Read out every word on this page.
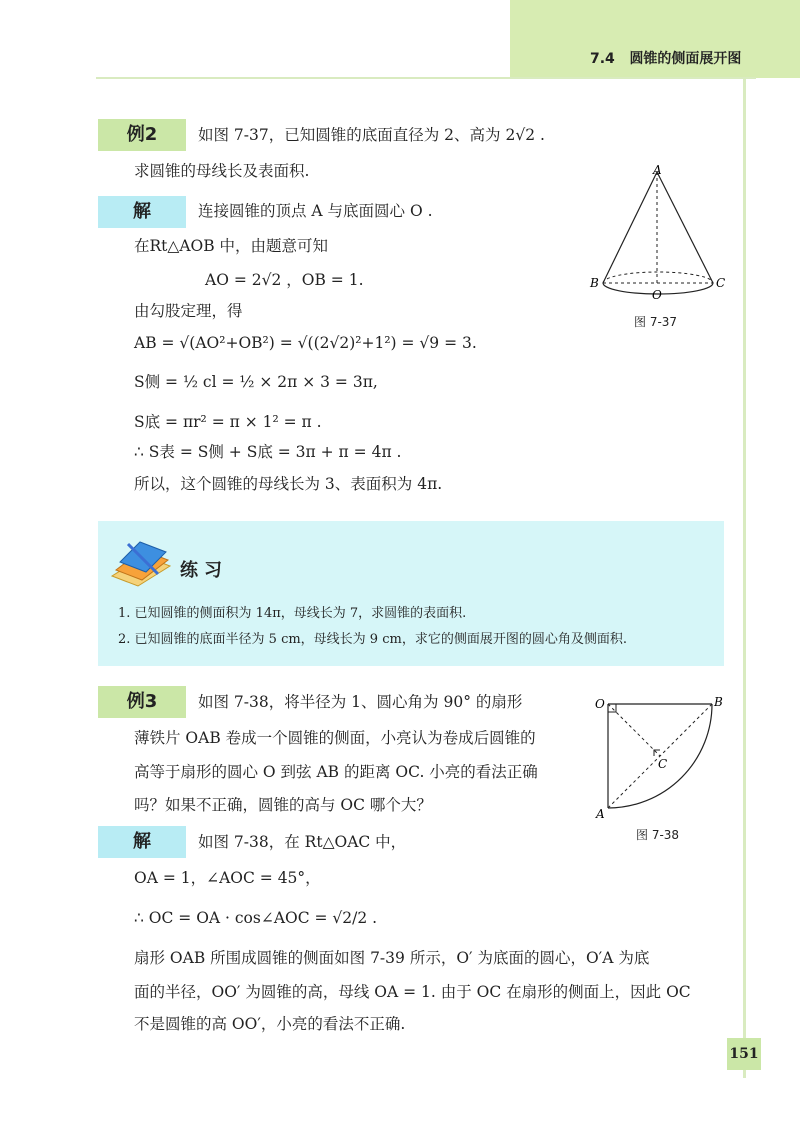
7.4 圆锥的侧面展开图
例2	如图 7-37，已知圆锥的底面直径为 2、高为 2√2 .
求圆锥的母线长及表面积.
解	连接圆锥的顶点 A 与底面圆心 O .
在Rt△AOB 中，由题意可知
AO = 2√2 ，OB = 1.
由勾股定理，得
AB = √(AO²+OB²) = √((2√2)²+1²) = √9 = 3.
S侧 = ½ cl = ½ × 2π × 3 = 3π,
S底 = πr² = π × 1² = π .
∴ S表 = S侧 + S底 = 3π + π = 4π .
所以，这个圆锥的母线长为 3、表面积为 4π.
A
B
O
C
图 7-37
练习
1. 已知圆锥的侧面积为 14π，母线长为 7，求圆锥的表面积.
2. 已知圆锥的底面半径为 5 cm，母线长为 9 cm，求它的侧面展开图的圆心角及侧面积.
例3	如图 7-38，将半径为 1、圆心角为 90° 的扇形
薄铁片 OAB 卷成一个圆锥的侧面，小亮认为卷成后圆锥的
高等于扇形的圆心 O 到弦 AB 的距离 OC. 小亮的看法正确
吗？如果不正确，圆锥的高与 OC 哪个大？
解	如图 7-38，在 Rt△OAC 中，
OA = 1，∠AOC = 45°，
∴ OC = OA · cos∠AOC = √2/2 .
扇形 OAB 所围成圆锥的侧面如图 7-39 所示，O′ 为底面的圆心，O′A 为底
面的半径，OO′ 为圆锥的高，母线 OA = 1. 由于 OC 在扇形的侧面上，因此 OC
不是圆锥的高 OO′，小亮的看法不正确.
O	B
A
C
图 7-38
151
